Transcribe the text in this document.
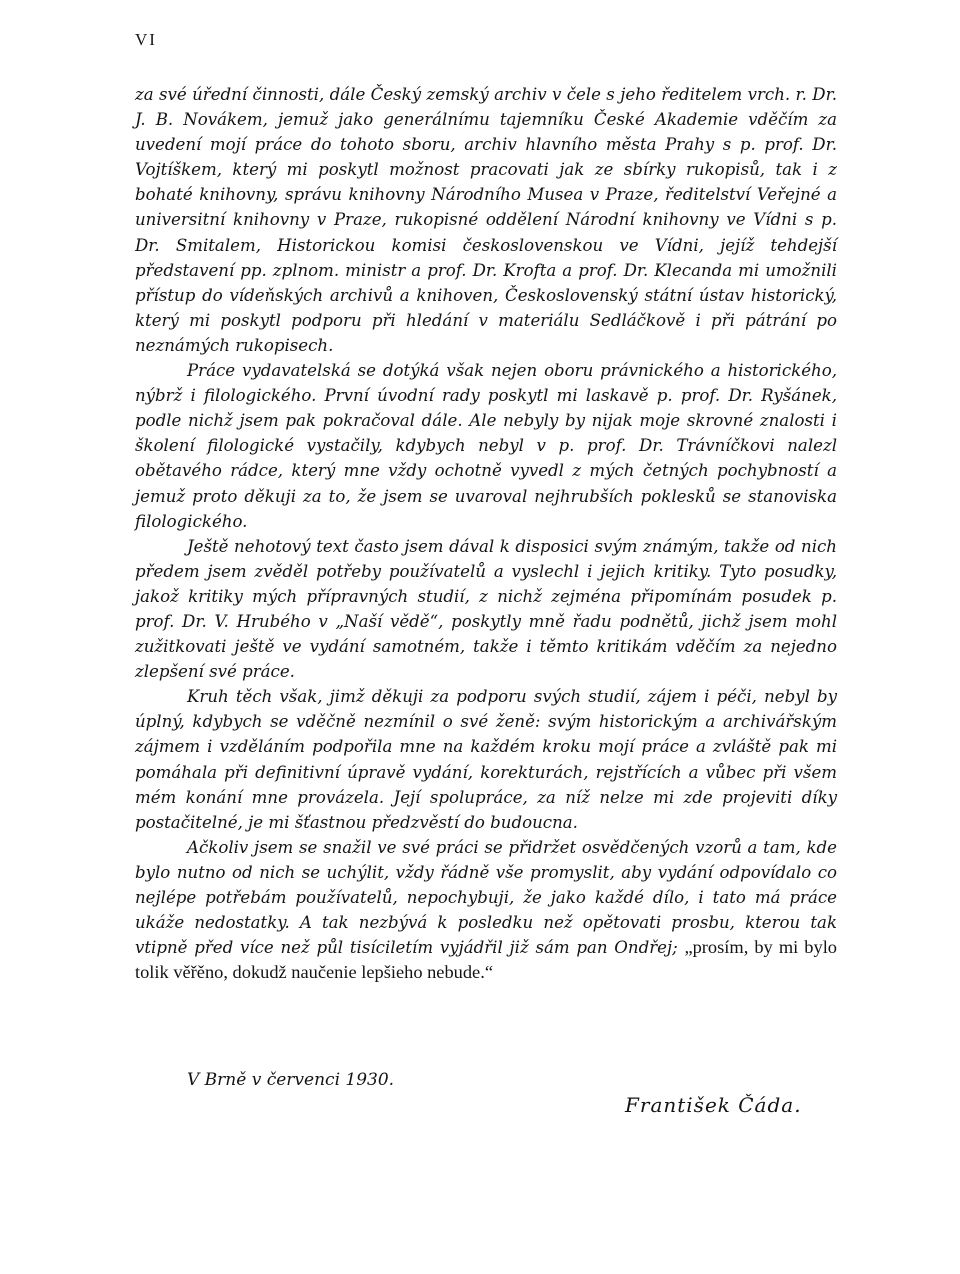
VI

za své úřední činnosti, dále Český zemský archiv v čele s jeho ředitelem vrch. r. Dr. J. B. Novákem, jemuž jako generálnímu tajemníku České Akademie vděčím za uvedení mojí práce do tohoto sboru, archiv hlavního města Prahy s p. prof. Dr. Vojtíškem, který mi poskytl možnost pracovati jak ze sbírky rukopisů, tak i z bohaté knihovny, správu knihovny Národního Musea v Praze, ředitelství Veřejné a universitní knihovny v Praze, rukopisné oddělení Národní knihovny ve Vídni s p. Dr. Smitalem, Historickou komisi československou ve Vídni, jejíž tehdejší představení pp. zplnom. ministr a prof. Dr. Krofta a prof. Dr. Klecanda mi umožnili přístup do vídeňských archivů a knihoven, Československý státní ústav historický, který mi poskytl podporu při hledání v materiálu Sedláčkově i při pátrání po neznámých rukopisech.

Práce vydavatelská se dotýká však nejen oboru právnického a historického, nýbrž i filologického. První úvodní rady poskytl mi laskavě p. prof. Dr. Ryšánek, podle nichž jsem pak pokračoval dále. Ale nebyly by nijak moje skrovné znalosti i školení filologické vystačily, kdybych nebyl v p. prof. Dr. Trávníčkovi nalezl obětavého rádce, který mne vždy ochotně vyvedl z mých četných pochybností a jemuž proto děkuji za to, že jsem se uvaroval nejhrubších poklesků se stanoviska filologického.

Ještě nehotový text často jsem dával k disposici svým známým, takže od nich předem jsem zvěděl potřeby používatelů a vyslechl i jejich kritiky. Tyto posudky, jakož kritiky mých přípravných studií, z nichž zejména připomínám posudek p. prof. Dr. V. Hrubého v „Naší vědě“, poskytly mně řadu podnětů, jichž jsem mohl zužitkovati ještě ve vydání samotném, takže i těmto kritikám vděčím za nejedno zlepšení své práce.

Kruh těch však, jimž děkuji za podporu svých studií, zájem i péči, nebyl by úplný, kdybych se vděčně nezmínil o své ženě: svým historickým a archivářským zájmem i vzděláním podpořila mne na každém kroku mojí práce a zvláště pak mi pomáhala při definitivní úpravě vydání, korekturách, rejstřících a vůbec při všem mém konání mne provázela. Její spolupráce, za níž nelze mi zde projeviti díky postačitelné, je mi šťastnou předzvěstí do budoucna.

Ačkoliv jsem se snažil ve své práci se přidržet osvědčených vzorů a tam, kde bylo nutno od nich se uchýlit, vždy řádně vše promyslit, aby vydání odpovídalo co nejlépe potřebám používatelů, nepochybuji, že jako každé dílo, i tato má práce ukáže nedostatky. A tak nezbývá k posledku než opětovati prosbu, kterou tak vtipně před více než půl tisíciletím vyjádřil již sám pan Ondřej; „prosím, by mi bylo tolik věřěno, dokudž naučenie lepšieho nebude.“

V Brně v červenci 1930.
František Čáda.
